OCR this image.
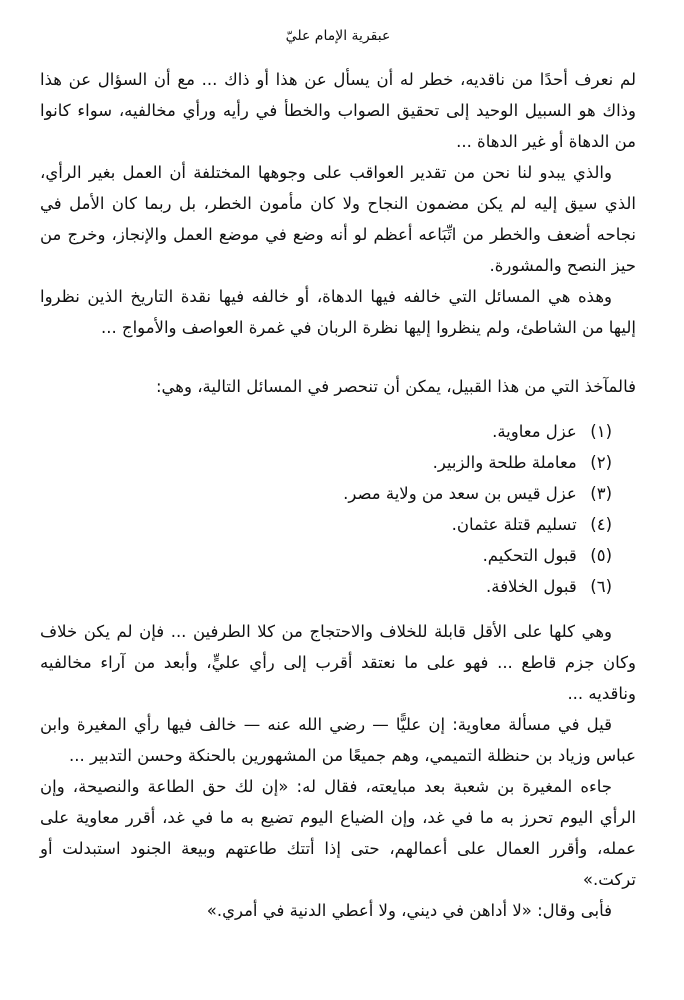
عبقرية الإمام عليّ

لم نعرف أحدًا من ناقديه، خطر له أن يسأل عن هذا أو ذاك ... مع أن السؤال عن هذا وذاك هو السبيل الوحيد إلى تحقيق الصواب والخطأ في رأيه ورأي مخالفيه، سواء كانوا من الدهاة أو غير الدهاة ...

والذي يبدو لنا نحن من تقدير العواقب على وجوهها المختلفة أن العمل بغير الرأي، الذي سيق إليه لم يكن مضمون النجاح ولا كان مأمون الخطر، بل ربما كان الأمل في نجاحه أضعف والخطر من اتِّبَاعه أعظم لو أنه وضع في موضع العمل والإنجاز، وخرج من حيز النصح والمشورة.

وهذه هي المسائل التي خالفه فيها الدهاة، أو خالفه فيها نقدة التاريخ الذين نظروا إليها من الشاطئ، ولم ينظروا إليها نظرة الربان في غمرة العواصف والأمواج ...

فالمآخذ التي من هذا القبيل، يمكن أن تنحصر في المسائل التالية، وهي:

(١) عزل معاوية.
(٢) معاملة طلحة والزبير.
(٣) عزل قيس بن سعد من ولاية مصر.
(٤) تسليم قتلة عثمان.
(٥) قبول التحكيم.
(٦) قبول الخلافة.

وهي كلها على الأقل قابلة للخلاف والاحتجاج من كلا الطرفين ... فإن لم يكن خلاف وكان جزم قاطع ... فهو على ما نعتقد أقرب إلى رأي عليٍّ، وأبعد من آراء مخالفيه وناقديه ...

قيل في مسألة معاوية: إن عليًّا — رضي الله عنه — خالف فيها رأي المغيرة وابن عباس وزياد بن حنظلة التميمي، وهم جميعًا من المشهورين بالحنكة وحسن التدبير ...

جاءه المغيرة بن شعبة بعد مبايعته، فقال له: «إن لك حق الطاعة والنصيحة، وإن الرأي اليوم تحرز به ما في غد، وإن الضياع اليوم تضيع به ما في غد، أقرر معاوية على عمله، وأقرر العمال على أعمالهم، حتى إذا أتتك طاعتهم وبيعة الجنود استبدلت أو تركت.»

فأبى وقال: «لا أداهن في ديني، ولا أعطي الدنية في أمري.»
